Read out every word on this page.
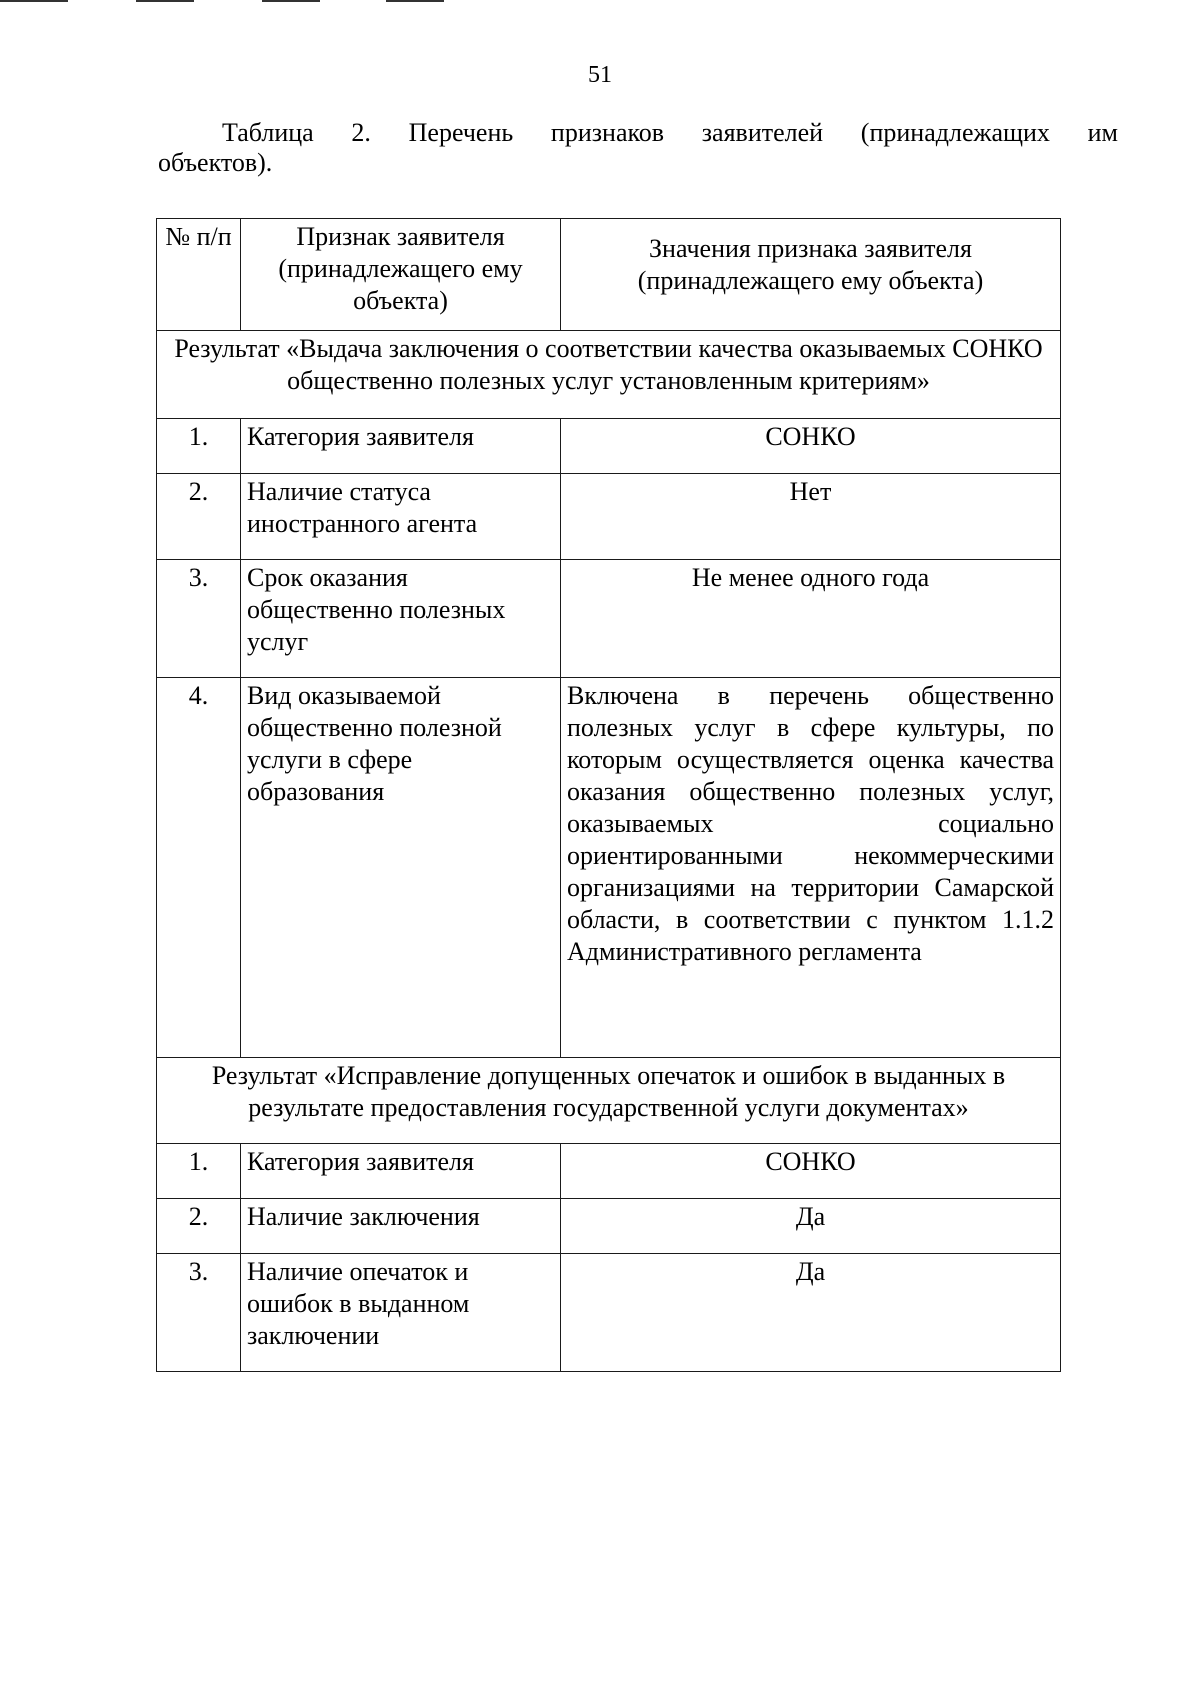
51
Таблица 2. Перечень признаков заявителей (принадлежащих им
объектов).
№ п/п	Признак заявителя (принадлежащего ему объекта)	Значения признака заявителя (принадлежащего ему объекта)
Результат «Выдача заключения о соответствии качества оказываемых СОНКО общественно полезных услуг установленным критериям»		
1.	Категория заявителя	СОНКО
2.	Наличие статуса иностранного агента	Нет
3.	Срок оказания общественно полезных услуг	Не менее одного года
4.	Вид оказываемой общественно полезной услуги в сфере образования	Включена в перечень общественно полезных услуг в сфере культуры, по которым осуществляется оценка качества оказания общественно полезных услуг, оказываемых социально ориентированными некоммерческими организациями на территории Самарской области, в соответствии с пунктом 1.1.2 Административного регламента
Результат «Исправление допущенных опечаток и ошибок в выданных в результате предоставления государственной услуги документах»		
1.	Категория заявителя	СОНКО
2.	Наличие заключения	Да
3.	Наличие опечаток и ошибок в выданном заключении	Да
